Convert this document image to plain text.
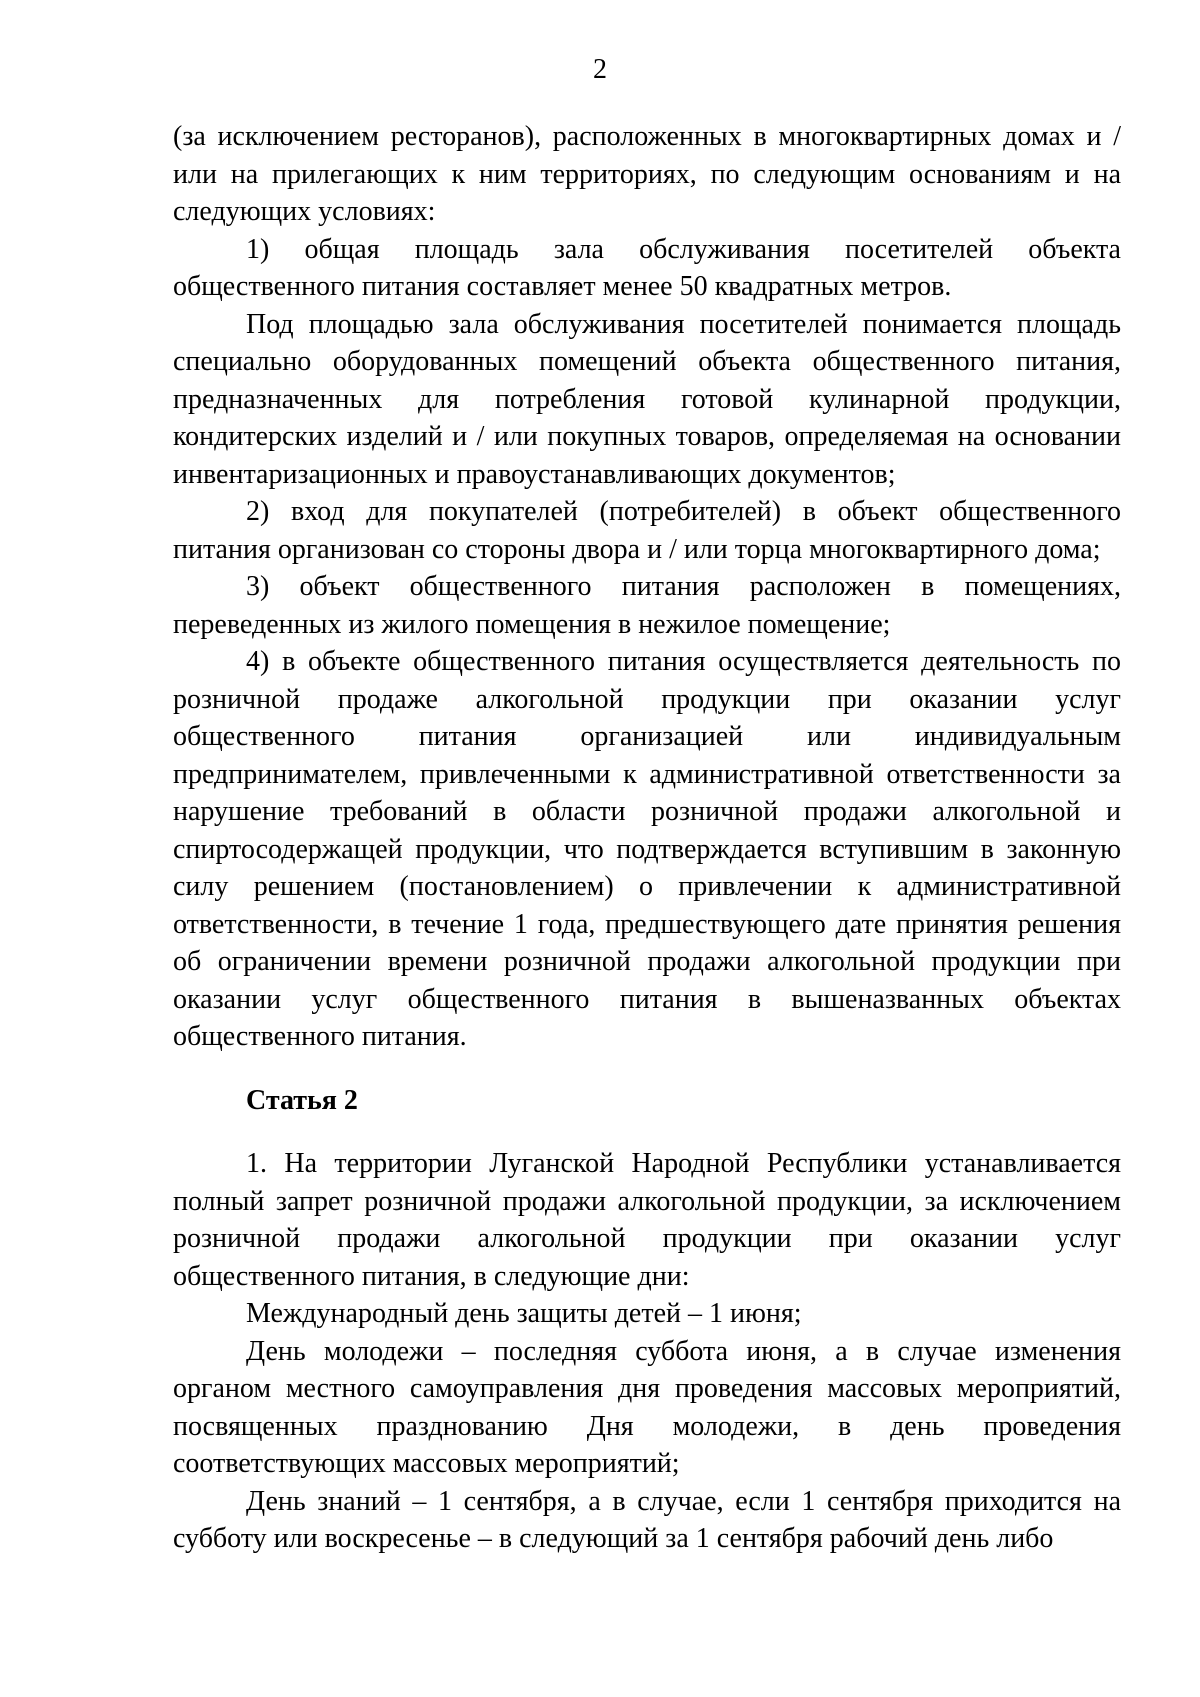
2

(за исключением ресторанов), расположенных в многоквартирных домах и / или на прилегающих к ним территориях, по следующим основаниям и на следующих условиях:

1) общая площадь зала обслуживания посетителей объекта общественного питания составляет менее 50 квадратных метров.

Под площадью зала обслуживания посетителей понимается площадь специально оборудованных помещений объекта общественного питания, предназначенных для потребления готовой кулинарной продукции, кондитерских изделий и / или покупных товаров, определяемая на основании инвентаризационных и правоустанавливающих документов;

2) вход для покупателей (потребителей) в объект общественного питания организован со стороны двора и / или торца многоквартирного дома;

3) объект общественного питания расположен в помещениях, переведенных из жилого помещения в нежилое помещение;

4) в объекте общественного питания осуществляется деятельность по розничной продаже алкогольной продукции при оказании услуг общественного питания организацией или индивидуальным предпринимателем, привлеченными к административной ответственности за нарушение требований в области розничной продажи алкогольной и спиртосодержащей продукции, что подтверждается вступившим в законную силу решением (постановлением) о привлечении к административной ответственности, в течение 1 года, предшествующего дате принятия решения об ограничении времени розничной продажи алкогольной продукции при оказании услуг общественного питания в вышеназванных объектах общественного питания.

Статья 2

1. На территории Луганской Народной Республики устанавливается полный запрет розничной продажи алкогольной продукции, за исключением розничной продажи алкогольной продукции при оказании услуг общественного питания, в следующие дни:

Международный день защиты детей – 1 июня;

День молодежи – последняя суббота июня, а в случае изменения органом местного самоуправления дня проведения массовых мероприятий, посвященных празднованию Дня молодежи, в день проведения соответствующих массовых мероприятий;

День знаний – 1 сентября, а в случае, если 1 сентября приходится на субботу или воскресенье – в следующий за 1 сентября рабочий день либо
